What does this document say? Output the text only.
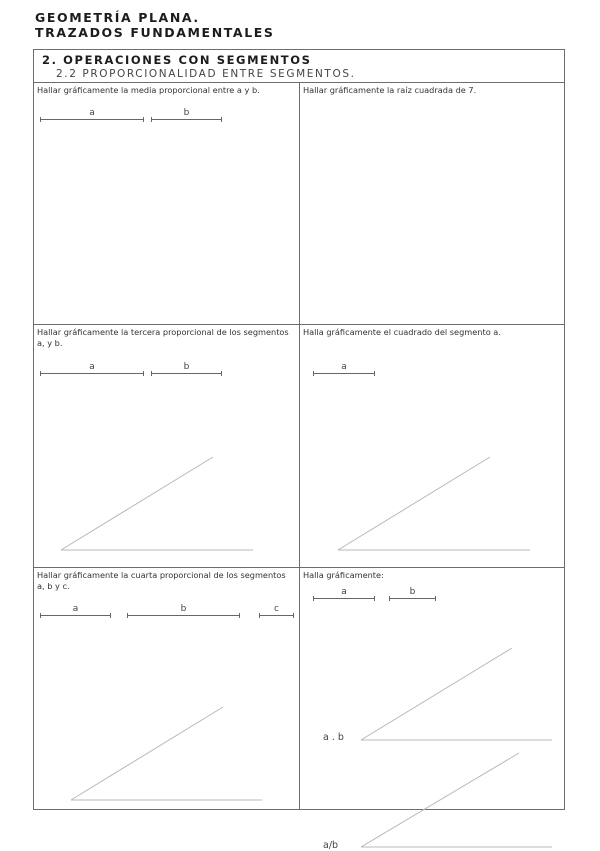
GEOMETRÍA PLANA.
TRAZADOS FUNDAMENTALES
2. OPERACIONES CON SEGMENTOS
2.2 PROPORCIONALIDAD ENTRE SEGMENTOS.

Hallar gráficamente la media proporcional entre a y b.

a	b

Hallar gráficamente la raíz cuadrada de 7.

Hallar gráficamente la tercera proporcional de los segmentos a, y b.

a	b

Halla gráficamente el cuadrado del segmento a.

a

Hallar gráficamente la cuarta proporcional de los segmentos a, b y c.

a	b	c

Halla gráficamente:

a	b
a . b
a/b
